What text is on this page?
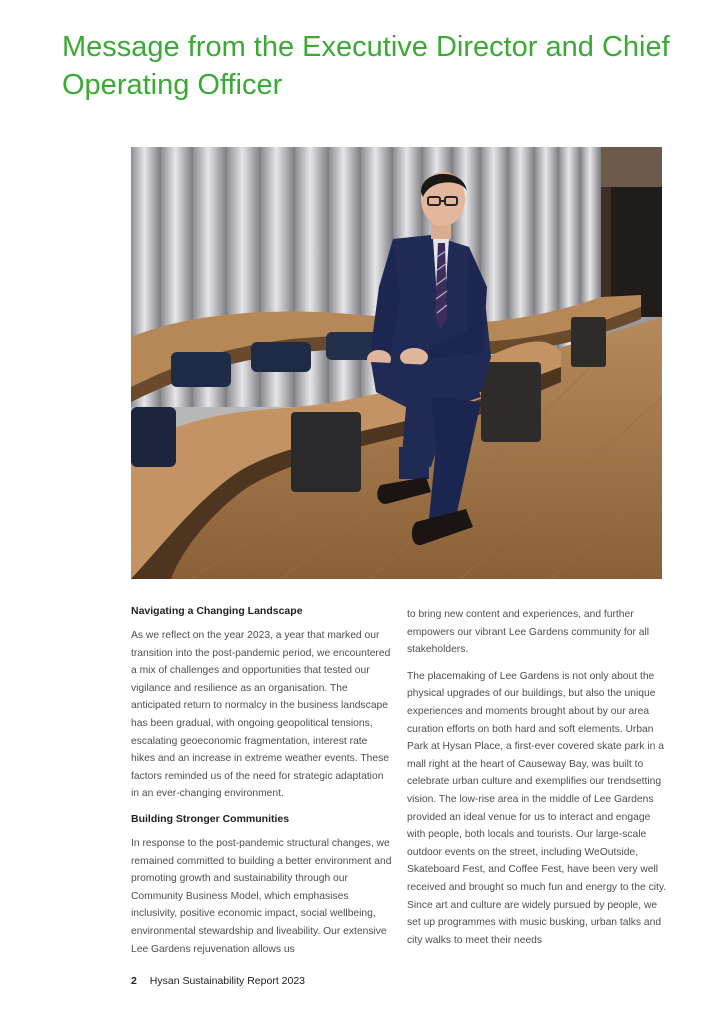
Message from the Executive Director and Chief Operating Officer
Navigating a Changing Landscape

As we reflect on the year 2023, a year that marked our transition into the post-pandemic period, we encountered a mix of challenges and opportunities that tested our vigilance and resilience as an organisation. The anticipated return to normalcy in the business landscape has been gradual, with ongoing geopolitical tensions, escalating geoeconomic fragmentation, interest rate hikes and an increase in extreme weather events. These factors reminded us of the need for strategic adaptation in an ever-changing environment.

Building Stronger Communities

In response to the post-pandemic structural changes, we remained committed to building a better environment and promoting growth and sustainability through our Community Business Model, which emphasises inclusivity, positive economic impact, social wellbeing, environmental stewardship and liveability. Our extensive Lee Gardens rejuvenation allows us

to bring new content and experiences, and further empowers our vibrant Lee Gardens community for all stakeholders.

The placemaking of Lee Gardens is not only about the physical upgrades of our buildings, but also the unique experiences and moments brought about by our area curation efforts on both hard and soft elements. Urban Park at Hysan Place, a first-ever covered skate park in a mall right at the heart of Causeway Bay, was built to celebrate urban culture and exemplifies our trendsetting vision. The low-rise area in the middle of Lee Gardens provided an ideal venue for us to interact and engage with people, both locals and tourists. Our large-scale outdoor events on the street, including WeOutside, Skateboard Fest, and Coffee Fest, have been very well received and brought so much fun and energy to the city. Since art and culture are widely pursued by people, we set up programmes with music busking, urban talks and city walks to meet their needs

2 Hysan Sustainability Report 2023
